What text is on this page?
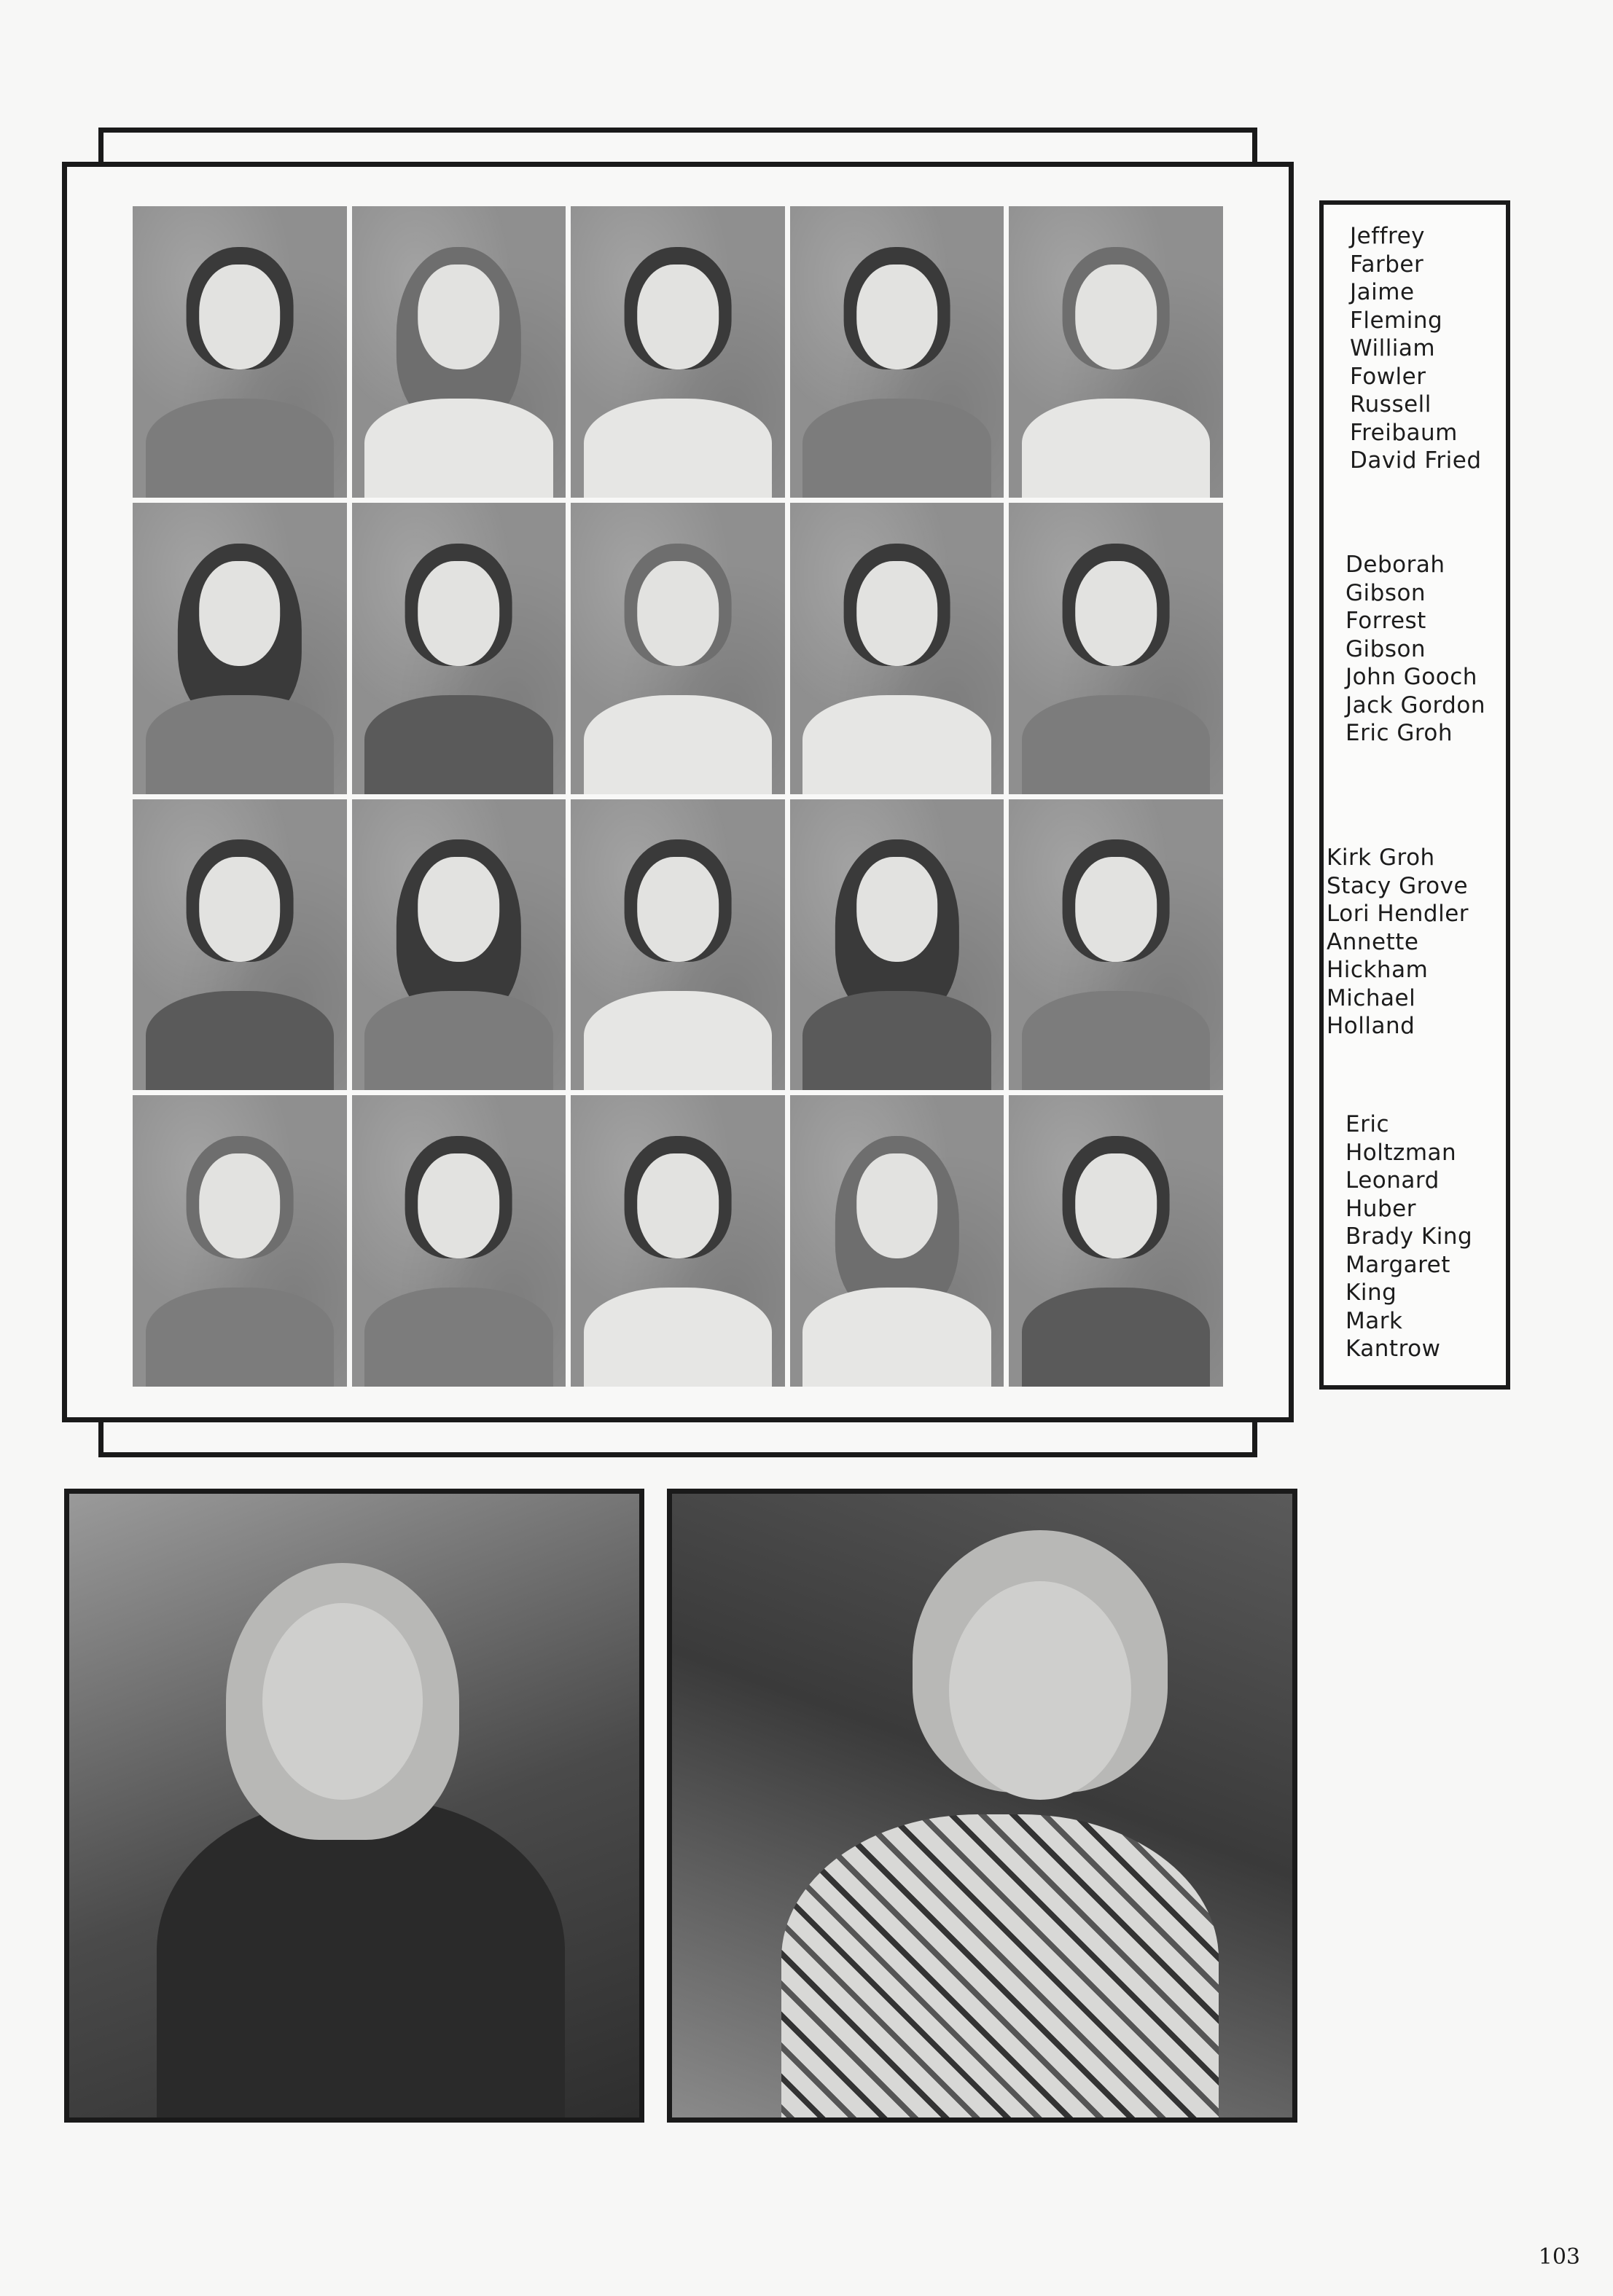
Jeffrey
Farber
Jaime
Fleming
William
Fowler
Russell
Freibaum
David Fried
Deborah
Gibson
Forrest
Gibson
John Gooch
Jack Gordon
Eric Groh
Kirk Groh
Stacy Grove
Lori Hendler
Annette
Hickham
Michael
Holland
Eric
Holtzman
Leonard
Huber
Brady King
Margaret
King
Mark
Kantrow
103
